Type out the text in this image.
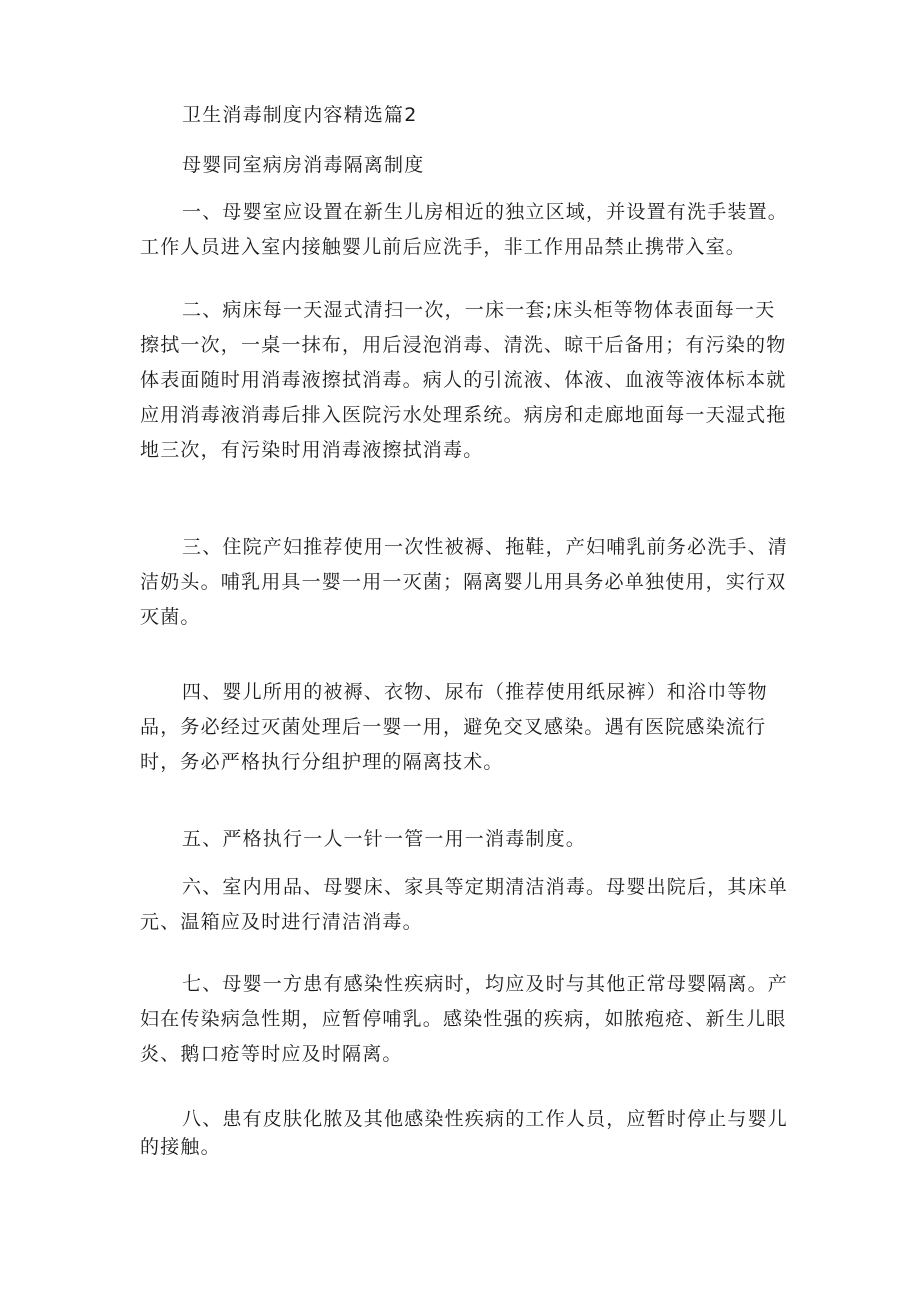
卫生消毒制度内容精选篇2

母婴同室病房消毒隔离制度

一、母婴室应设置在新生儿房相近的独立区域，并设置有洗手装置。工作人员进入室内接触婴儿前后应洗手，非工作用品禁止携带入室。

二、病床每一天湿式清扫一次，一床一套;床头柜等物体表面每一天擦拭一次，一桌一抹布，用后浸泡消毒、清洗、晾干后备用；有污染的物体表面随时用消毒液擦拭消毒。病人的引流液、体液、血液等液体标本就应用消毒液消毒后排入医院污水处理系统。病房和走廊地面每一天湿式拖地三次，有污染时用消毒液擦拭消毒。

三、住院产妇推荐使用一次性被褥、拖鞋，产妇哺乳前务必洗手、清洁奶头。哺乳用具一婴一用一灭菌；隔离婴儿用具务必单独使用，实行双灭菌。

四、婴儿所用的被褥、衣物、尿布（推荐使用纸尿裤）和浴巾等物品，务必经过灭菌处理后一婴一用，避免交叉感染。遇有医院感染流行时，务必严格执行分组护理的隔离技术。

五、严格执行一人一针一管一用一消毒制度。

六、室内用品、母婴床、家具等定期清洁消毒。母婴出院后，其床单元、温箱应及时进行清洁消毒。

七、母婴一方患有感染性疾病时，均应及时与其他正常母婴隔离。产妇在传染病急性期，应暂停哺乳。感染性强的疾病，如脓疱疮、新生儿眼炎、鹅口疮等时应及时隔离。

八、患有皮肤化脓及其他感染性疾病的工作人员，应暂时停止与婴儿的接触。
